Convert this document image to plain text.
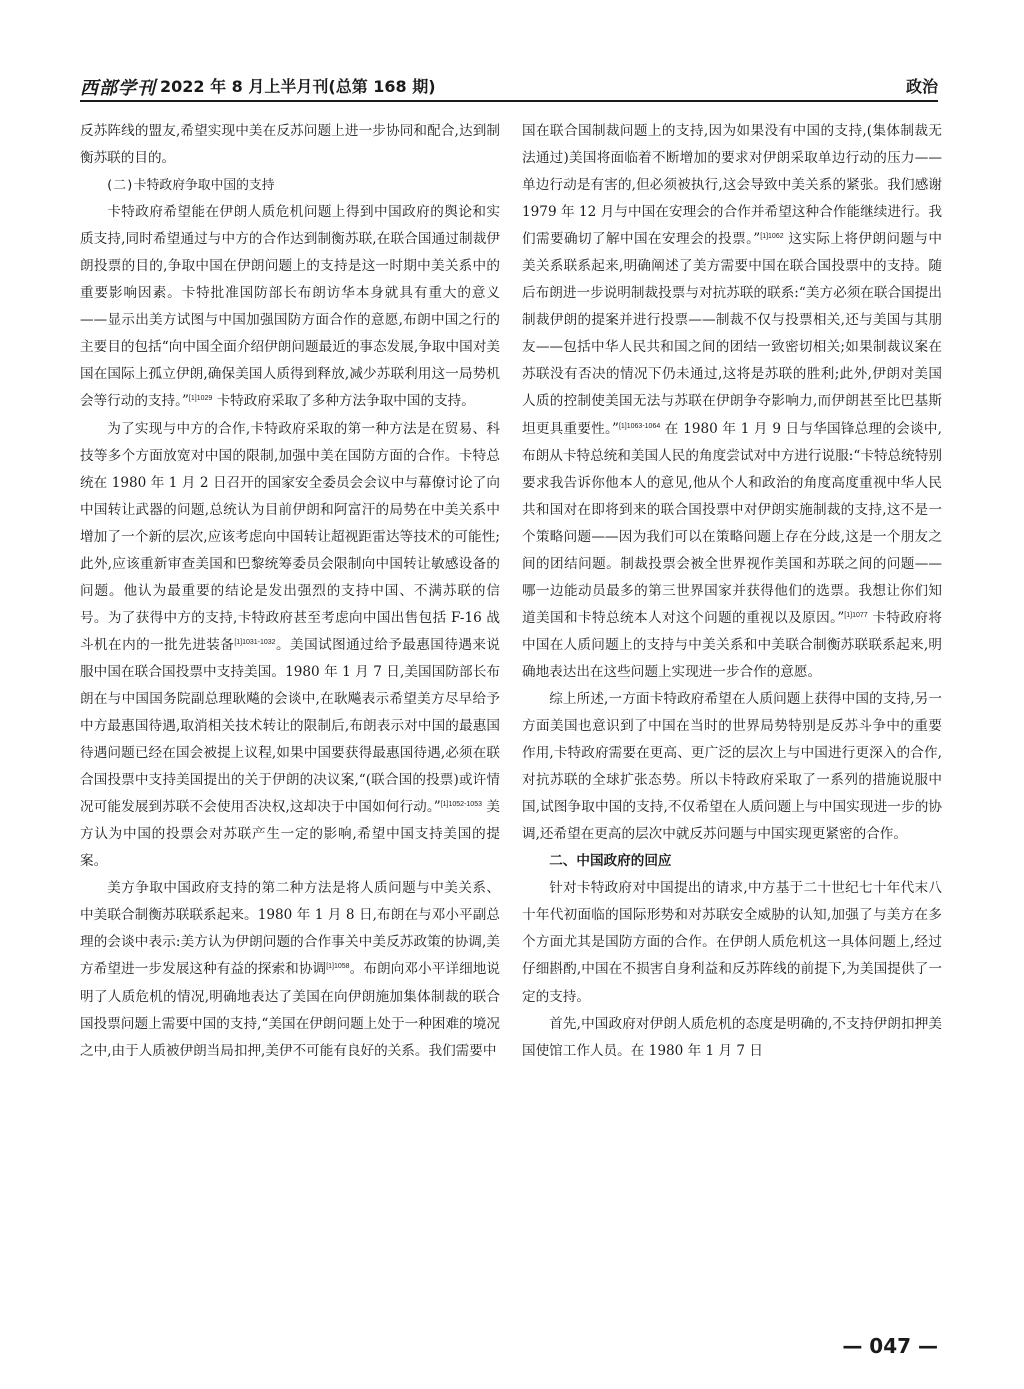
西部学刊 2022 年 8 月上半月刊(总第 168 期)	政治

反苏阵线的盟友,希望实现中美在反苏问题上进一步协同和配合,达到制衡苏联的目的。

(二)卡特政府争取中国的支持

卡特政府希望能在伊朗人质危机问题上得到中国政府的舆论和实质支持,同时希望通过与中方的合作达到制衡苏联,在联合国通过制裁伊朗投票的目的,争取中国在伊朗问题上的支持是这一时期中美关系中的重要影响因素。卡特批准国防部长布朗访华本身就具有重大的意义——显示出美方试图与中国加强国防方面合作的意愿,布朗中国之行的主要目的包括“向中国全面介绍伊朗问题最近的事态发展,争取中国对美国在国际上孤立伊朗,确保美国人质得到释放,减少苏联利用这一局势机会等行动的支持。”$^{[1]1029}$ 卡特政府采取了多种方法争取中国的支持。

为了实现与中方的合作,卡特政府采取的第一种方法是在贸易、科技等多个方面放宽对中国的限制,加强中美在国防方面的合作。卡特总统在 1980 年 1 月 2 日召开的国家安全委员会会议中与幕僚讨论了向中国转让武器的问题,总统认为目前伊朗和阿富汗的局势在中美关系中增加了一个新的层次,应该考虑向中国转让超视距雷达等技术的可能性;此外,应该重新审查美国和巴黎统筹委员会限制向中国转让敏感设备的问题。他认为最重要的结论是发出强烈的支持中国、不满苏联的信号。为了获得中方的支持,卡特政府甚至考虑向中国出售包括 F-16 战斗机在内的一批先进装备$^{[1]1031-1032}$。美国试图通过给予最惠国待遇来说服中国在联合国投票中支持美国。1980 年 1 月 7 日,美国国防部长布朗在与中国国务院副总理耿飚的会谈中,在耿飚表示希望美方尽早给予中方最惠国待遇,取消相关技术转让的限制后,布朗表示对中国的最惠国待遇问题已经在国会被提上议程,如果中国要获得最惠国待遇,必须在联合国投票中支持美国提出的关于伊朗的决议案,“(联合国的投票)或许情况可能发展到苏联不会使用否决权,这却决于中国如何行动。”$^{[1]1052-1053}$ 美方认为中国的投票会对苏联产生一定的影响,希望中国支持美国的提案。

美方争取中国政府支持的第二种方法是将人质问题与中美关系、中美联合制衡苏联联系起来。1980 年 1 月 8 日,布朗在与邓小平副总理的会谈中表示:美方认为伊朗问题的合作事关中美反苏政策的协调,美方希望进一步发展这种有益的探索和协调$^{[1]1058}$。布朗向邓小平详细地说明了人质危机的情况,明确地表达了美国在向伊朗施加集体制裁的联合国投票问题上需要中国的支持,“美国在伊朗问题上处于一种困难的境况之中,由于人质被伊朗当局扣押,美伊不可能有良好的关系。我们需要中

国在联合国制裁问题上的支持,因为如果没有中国的支持,(集体制裁无法通过)美国将面临着不断增加的要求对伊朗采取单边行动的压力——单边行动是有害的,但必须被执行,这会导致中美关系的紧张。我们感谢 1979 年 12 月与中国在安理会的合作并希望这种合作能继续进行。我们需要确切了解中国在安理会的投票。”$^{[1]1062}$ 这实际上将伊朗问题与中美关系联系起来,明确阐述了美方需要中国在联合国投票中的支持。随后布朗进一步说明制裁投票与对抗苏联的联系:“美方必须在联合国提出制裁伊朗的提案并进行投票——制裁不仅与投票相关,还与美国与其朋友——包括中华人民共和国之间的团结一致密切相关;如果制裁议案在苏联没有否决的情况下仍未通过,这将是苏联的胜利;此外,伊朗对美国人质的控制使美国无法与苏联在伊朗争夺影响力,而伊朗甚至比巴基斯坦更具重要性。”$^{[1]1063-1064}$ 在 1980 年 1 月 9 日与华国锋总理的会谈中,布朗从卡特总统和美国人民的角度尝试对中方进行说服:“卡特总统特别要求我告诉你他本人的意见,他从个人和政治的角度高度重视中华人民共和国对在即将到来的联合国投票中对伊朗实施制裁的支持,这不是一个策略问题——因为我们可以在策略问题上存在分歧,这是一个朋友之间的团结问题。制裁投票会被全世界视作美国和苏联之间的问题——哪一边能动员最多的第三世界国家并获得他们的选票。我想让你们知道美国和卡特总统本人对这个问题的重视以及原因。”$^{[1]1077}$ 卡特政府将中国在人质问题上的支持与中美关系和中美联合制衡苏联联系起来,明确地表达出在这些问题上实现进一步合作的意愿。

综上所述,一方面卡特政府希望在人质问题上获得中国的支持,另一方面美国也意识到了中国在当时的世界局势特别是反苏斗争中的重要作用,卡特政府需要在更高、更广泛的层次上与中国进行更深入的合作,对抗苏联的全球扩张态势。所以卡特政府采取了一系列的措施说服中国,试图争取中国的支持,不仅希望在人质问题上与中国实现进一步的协调,还希望在更高的层次中就反苏问题与中国实现更紧密的合作。

二、中国政府的回应

针对卡特政府对中国提出的请求,中方基于二十世纪七十年代末八十年代初面临的国际形势和对苏联安全威胁的认知,加强了与美方在多个方面尤其是国防方面的合作。在伊朗人质危机这一具体问题上,经过仔细斟酌,中国在不损害自身利益和反苏阵线的前提下,为美国提供了一定的支持。

首先,中国政府对伊朗人质危机的态度是明确的,不支持伊朗扣押美国使馆工作人员。在 1980 年 1 月 7 日

— 047 —
